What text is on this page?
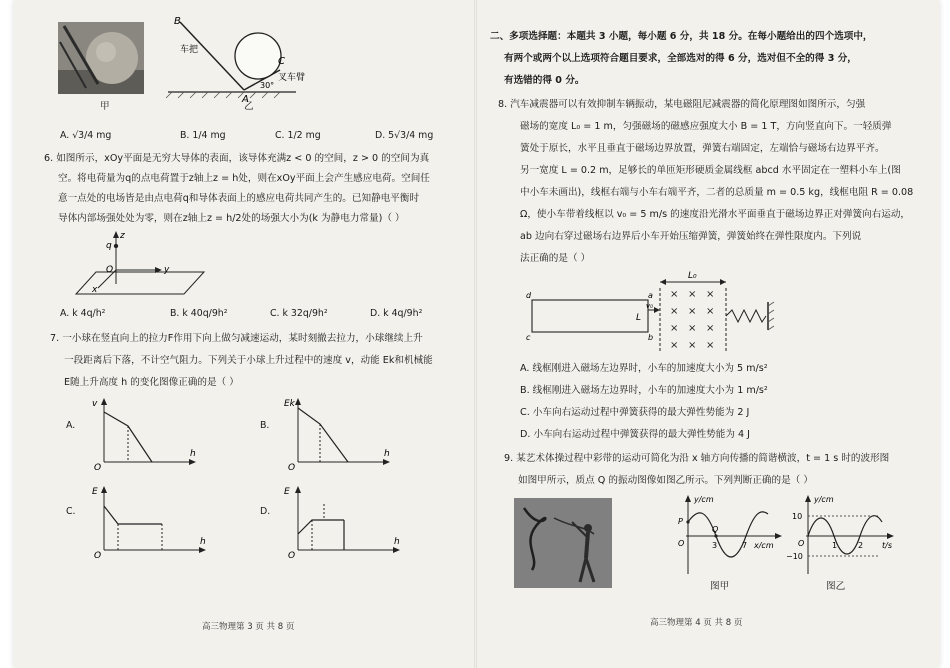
甲
B
C
A
车把
叉车臂
30°
乙
A. √3/4 mg	B. 1/4 mg	C. 1/2 mg	D. 5√3/4 mg
6. 如图所示，xOy平面是无穷大导体的表面，该导体充满z < 0 的空间，z > 0 的空间为真
空。将电荷量为q的点电荷置于z轴上z = h处，则在xOy平面上会产生感应电荷。空间任
意一点处的电场皆是由点电荷q和导体表面上的感应电荷共同产生的。已知静电平衡时
导体内部场强处处为零，则在z轴上z = h/2处的场强大小为(k 为静电力常量)（ ）
q
z
y
x
O
A. k 4q/h²	B. k 40q/9h²	C. k 32q/9h²	D. k 4q/9h²
7. 一小球在竖直向上的拉力F作用下向上做匀减速运动，某时刻撤去拉力，小球继续上升
一段距离后下落，不计空气阻力。下列关于小球上升过程中的速度 v，动能 Ek和机械能
E随上升高度 h 的变化图像正确的是（ ）
A.
v
h
O
B.
Ek
h
O
C.
E
h
O
D.
E
h
O
高三物理第 3 页 共 8 页
二、多项选择题：本题共 3 小题，每小题 6 分，共 18 分。在每小题给出的四个选项中，
有两个或两个以上选项符合题目要求，全部选对的得 6 分，选对但不全的得 3 分，
有选错的得 0 分。
8. 汽车减震器可以有效抑制车辆振动，某电磁阻尼减震器的简化原理图如图所示，匀强
磁场的宽度 L₀ = 1 m，匀强磁场的磁感应强度大小 B = 1 T，方向竖直向下。一轻质弹
簧处于原长，水平且垂直于磁场边界放置，弹簧右端固定，左端恰与磁场右边界平齐。
另一宽度 L = 0.2 m，足够长的单匝矩形硬质金属线框 abcd 水平固定在一塑料小车上(图
中小车未画出)，线框右端与小车右端平齐，二者的总质量 m = 0.5 kg，线框电阻 R = 0.08
Ω，使小车带着线框以 v₀ = 5 m/s 的速度沿光滑水平面垂直于磁场边界正对弹簧向右运动，
ab 边向右穿过磁场右边界后小车开始压缩弹簧，弹簧始终在弹性限度内。下列说
法正确的是（ ）
× × ×
× × ×
× × ×
× × ×
a
b
c
d
L
v₀
L₀
A. 线框刚进入磁场左边界时，小车的加速度大小为 5 m/s²
B. 线框刚进入磁场左边界时，小车的加速度大小为 1 m/s²
C. 小车向右运动过程中弹簧获得的最大弹性势能为 2 J
D. 小车向右运动过程中弹簧获得的最大弹性势能为 4 J
9. 某艺术体操过程中彩带的运动可简化为沿 x 轴方向传播的简谐横波，t = 1 s 时的波形图
如图甲所示，质点 Q 的振动图像如图乙所示。下列判断正确的是（ ）
y/cm
x/cm
P
Q
O	3	7
图甲
y/cm
t/s
O
10
−10
1	2
图乙
高三物理第 4 页 共 8 页
